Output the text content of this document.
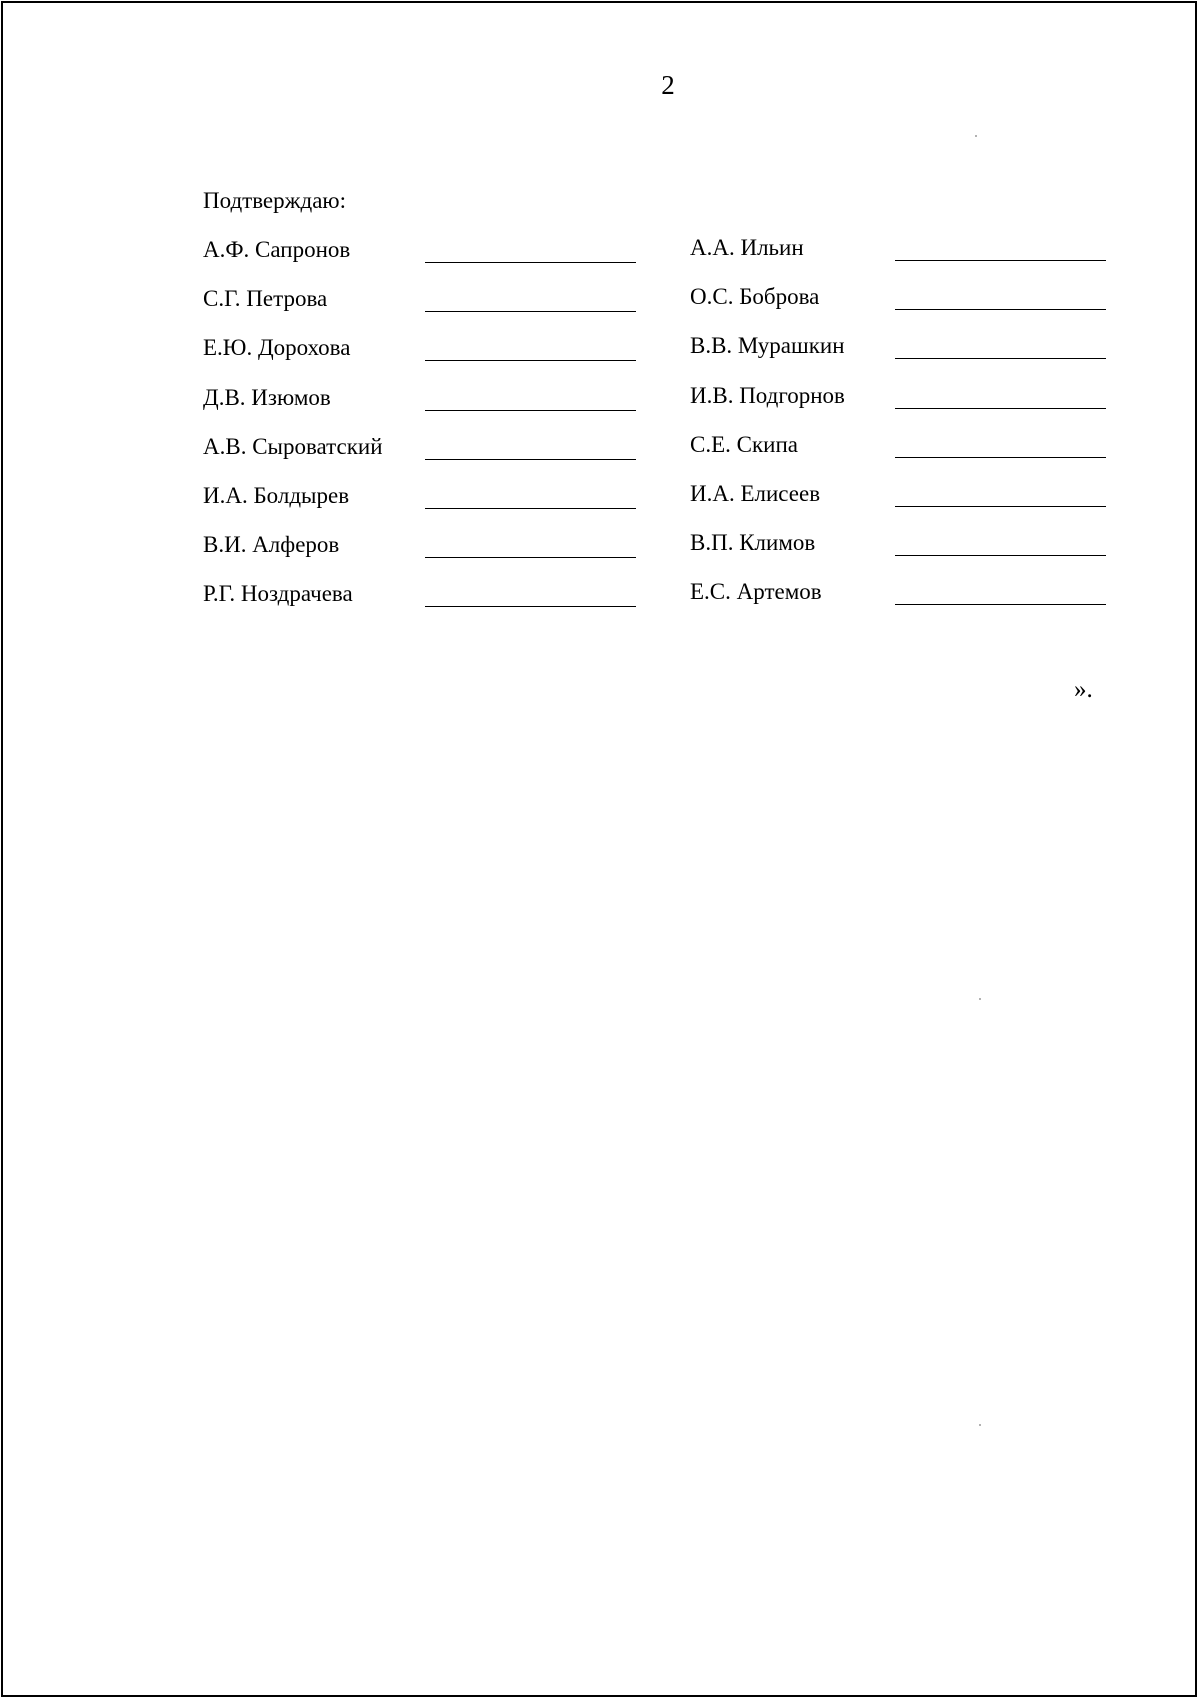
2
Подтверждаю:
А.Ф. Сапронов
С.Г. Петрова
Е.Ю. Дорохова
Д.В. Изюмов
А.В. Сыроватский
И.А. Болдырев
В.И. Алферов
Р.Г. Ноздрачева
А.А. Ильин
О.С. Боброва
В.В. Мурашкин
И.В. Подгорнов
С.Е. Скипа
И.А. Елисеев
В.П. Климов
Е.С. Артемов
».
